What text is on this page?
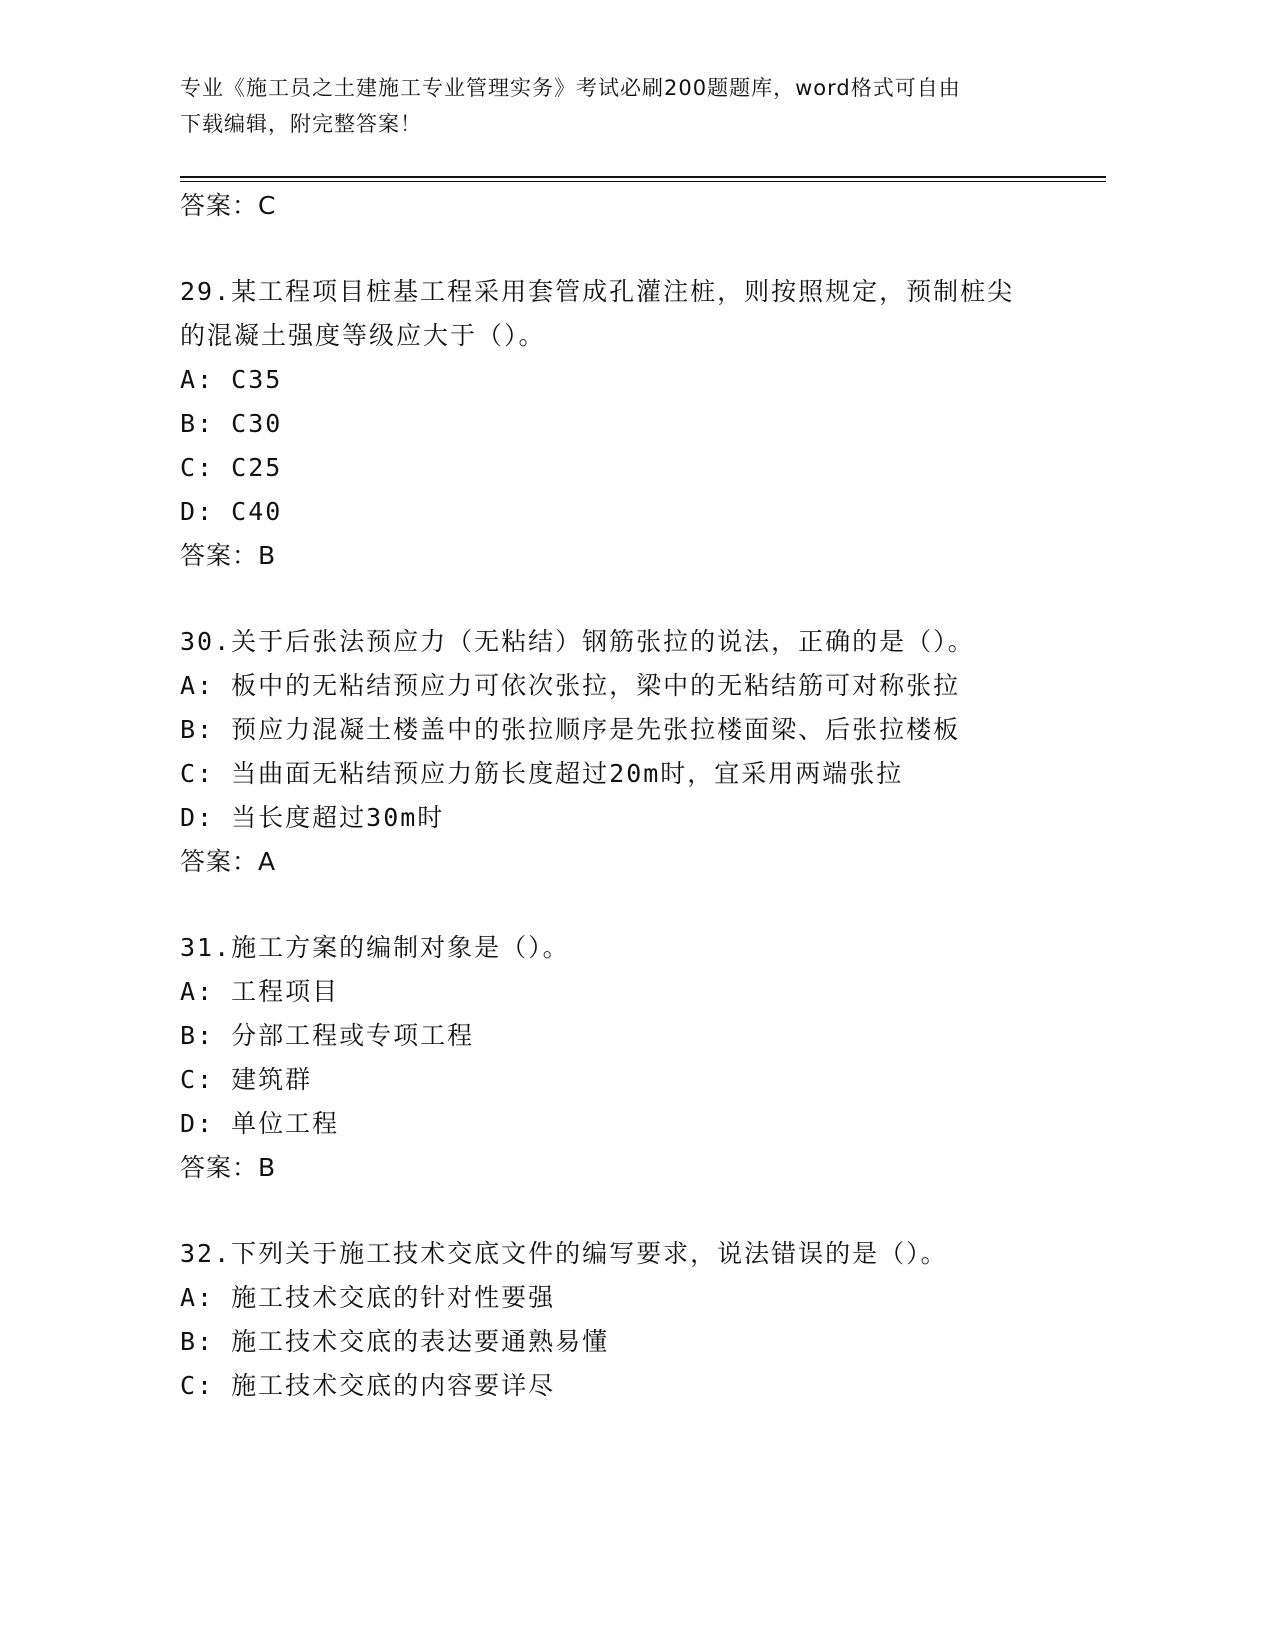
专业《施工员之土建施工专业管理实务》考试必刷200题题库，word格式可自由
下载编辑，附完整答案！
答案：C
29.某工程项目桩基工程采用套管成孔灌注桩，则按照规定，预制桩尖
的混凝土强度等级应大于（）。
A: C35
B: C30
C: C25
D: C40
答案：B
30.关于后张法预应力（无粘结）钢筋张拉的说法，正确的是（）。
A: 板中的无粘结预应力可依次张拉，梁中的无粘结筋可对称张拉
B: 预应力混凝土楼盖中的张拉顺序是先张拉楼面梁、后张拉楼板
C: 当曲面无粘结预应力筋长度超过20m时，宜采用两端张拉
D: 当长度超过30m时
答案：A
31.施工方案的编制对象是（）。
A: 工程项目
B: 分部工程或专项工程
C: 建筑群
D: 单位工程
答案：B
32.下列关于施工技术交底文件的编写要求，说法错误的是（）。
A: 施工技术交底的针对性要强
B: 施工技术交底的表达要通熟易懂
C: 施工技术交底的内容要详尽
